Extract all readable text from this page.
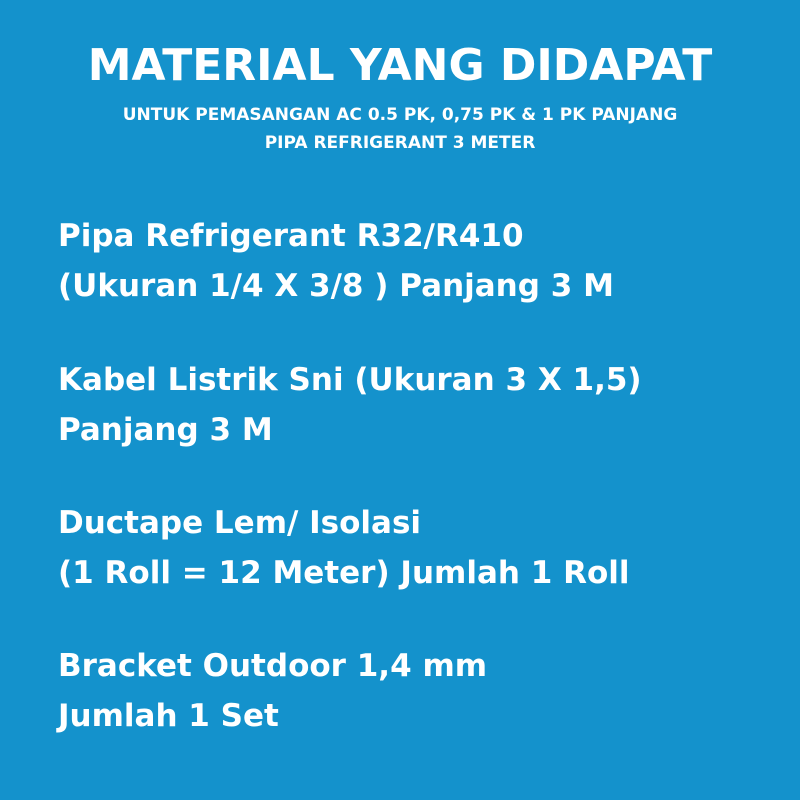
MATERIAL YANG DIDAPAT
UNTUK PEMASANGAN AC 0.5 PK, 0,75 PK & 1 PK PANJANG
PIPA REFRIGERANT 3 METER
Pipa Refrigerant R32/R410
(Ukuran 1/4 X 3/8 ) Panjang 3 M
Kabel Listrik Sni (Ukuran 3 X 1,5)
Panjang 3 M
Ductape Lem/ Isolasi
(1 Roll = 12 Meter) Jumlah 1 Roll
Bracket Outdoor 1,4 mm
Jumlah 1 Set
